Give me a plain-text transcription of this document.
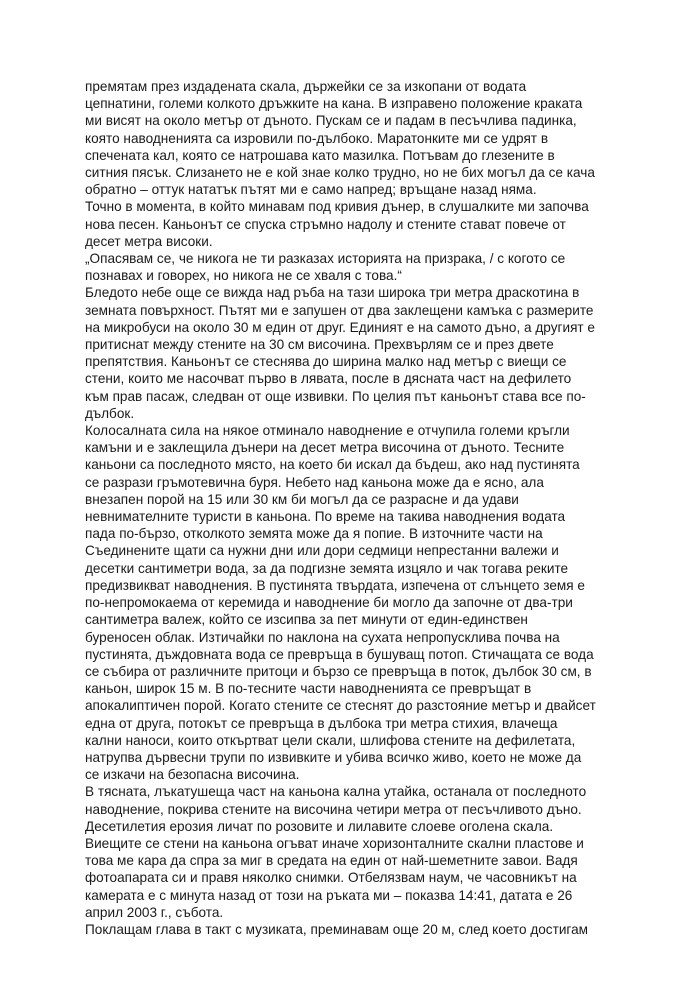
премятам през издадената скала, държейки се за изкопани от водата
цепнатини, големи колкото дръжките на кана. В изправено положение краката
ми висят на около метър от дъното. Пускам се и падам в песъчлива падинка,
която наводненията са изровили по-дълбоко. Маратонките ми се удрят в
спечената кал, която се натрошава като мазилка. Потъвам до глезените в
ситния пясък. Слизането не е кой знае колко трудно, но не бих могъл да се кача
обратно – оттук нататък пътят ми е само напред; връщане назад няма.
Точно в момента, в който минавам под кривия дънер, в слушалките ми започва
нова песен. Каньонът се спуска стръмно надолу и стените стават повече от
десет метра високи.
„Опасявам се, че никога не ти разказах историята на призрака, / с когото се
познавах и говорех, но никога не се хваля с това.“
Бледото небе още се вижда над ръба на тази широка три метра драскотина в
земната повърхност. Пътят ми е запушен от два заклещени камъка с размерите
на микробуси на около 30 м един от друг. Единият е на самото дъно, а другият е
притиснат между стените на 30 см височина. Прехвърлям се и през двете
препятствия. Каньонът се стеснява до ширина малко над метър с виещи се
стени, които ме насочват първо в лявата, после в дясната част на дефилето
към прав пасаж, следван от още извивки. По целия път каньонът става все по-
дълбок.
Колосалната сила на някое отминало наводнение е отчупила големи кръгли
камъни и е заклещила дънери на десет метра височина от дъното. Тесните
каньони са последното място, на което би искал да бъдеш, ако над пустинята
се разрази гръмотевична буря. Небето над каньона може да е ясно, ала
внезапен порой на 15 или 30 км би могъл да се разрасне и да удави
невнимателните туристи в каньона. По време на такива наводнения водата
пада по-бързо, отколкото земята може да я попие. В източните части на
Съединените щати са нужни дни или дори седмици непрестанни валежи и
десетки сантиметри вода, за да подгизне земята изцяло и чак тогава реките
предизвикват наводнения. В пустинята твърдата, изпечена от слънцето земя е
по-непромокаема от керемида и наводнение би могло да започне от два-три
сантиметра валеж, който се изсипва за пет минути от един-единствен
буреносен облак. Изтичайки по наклона на сухата непропусклива почва на
пустинята, дъждовната вода се превръща в бушуващ потоп. Стичащата се вода
се събира от различните притоци и бързо се превръща в поток, дълбок 30 см, в
каньон, широк 15 м. В по-тесните части наводненията се превръщат в
апокалиптичен порой. Когато стените се стеснят до разстояние метър и двайсет
една от друга, потокът се превръща в дълбока три метра стихия, влачеща
кални наноси, които откъртват цели скали, шлифова стените на дефилетата,
натрупва дървесни трупи по извивките и убива всичко живо, което не може да
се изкачи на безопасна височина.
В тясната, лъкатушеща част на каньона кална утайка, останала от последното
наводнение, покрива стените на височина четири метра от песъчливото дъно.
Десетилетия ерозия личат по розовите и лилавите слоеве оголена скала.
Виещите се стени на каньона огъват иначе хоризонталните скални пластове и
това ме кара да спра за миг в средата на един от най-шеметните завои. Вадя
фотоапарата си и правя няколко снимки. Отбелязвам наум, че часовникът на
камерата е с минута назад от този на ръката ми – показва 14:41, датата е 26
април 2003 г., събота.
Поклащам глава в такт с музиката, преминавам още 20 м, след което достигам
